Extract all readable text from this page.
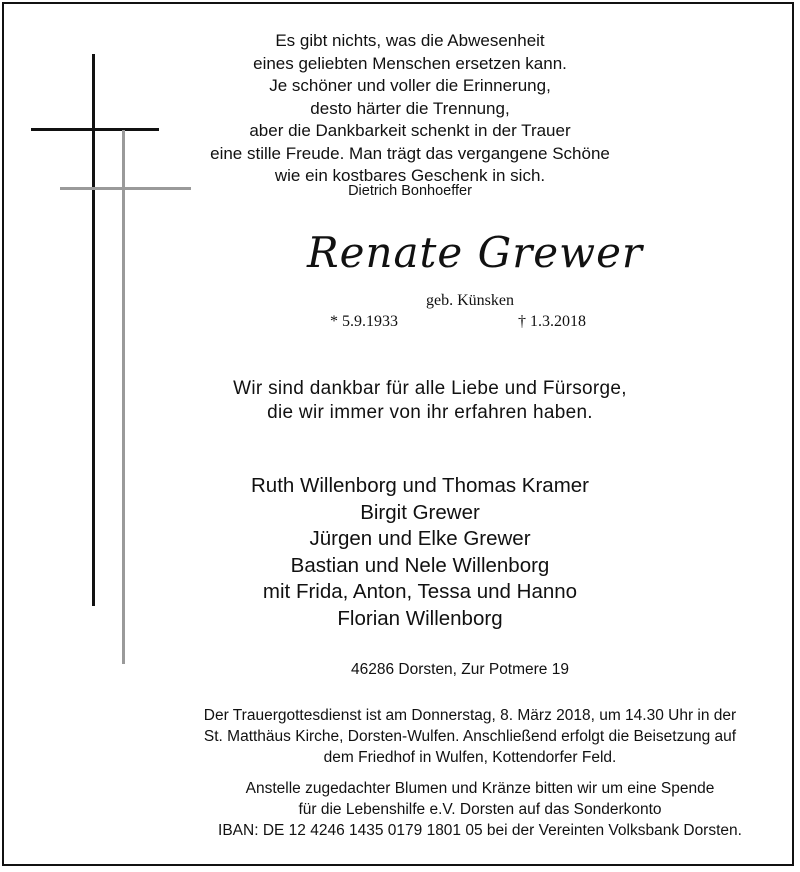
Es gibt nichts, was die Abwesenheit
eines geliebten Menschen ersetzen kann.
Je schöner und voller die Erinnerung,
desto härter die Trennung,
aber die Dankbarkeit schenkt in der Trauer
eine stille Freude. Man trägt das vergangene Schöne
wie ein kostbares Geschenk in sich.
Dietrich Bonhoeffer
Renate Grewer
geb. Künsken
* 5.9.1933	† 1.3.2018
Wir sind dankbar für alle Liebe und Fürsorge,
die wir immer von ihr erfahren haben.
Ruth Willenborg und Thomas Kramer
Birgit Grewer
Jürgen und Elke Grewer
Bastian und Nele Willenborg
mit Frida, Anton, Tessa und Hanno
Florian Willenborg
46286 Dorsten, Zur Potmere 19
Der Trauergottesdienst ist am Donnerstag, 8. März 2018, um 14.30 Uhr in der
St. Matthäus Kirche, Dorsten-Wulfen. Anschließend erfolgt die Beisetzung auf
dem Friedhof in Wulfen, Kottendorfer Feld.
Anstelle zugedachter Blumen und Kränze bitten wir um eine Spende
für die Lebenshilfe e.V. Dorsten auf das Sonderkonto
IBAN: DE 12 4246 1435 0179 1801 05 bei der Vereinten Volksbank Dorsten.
